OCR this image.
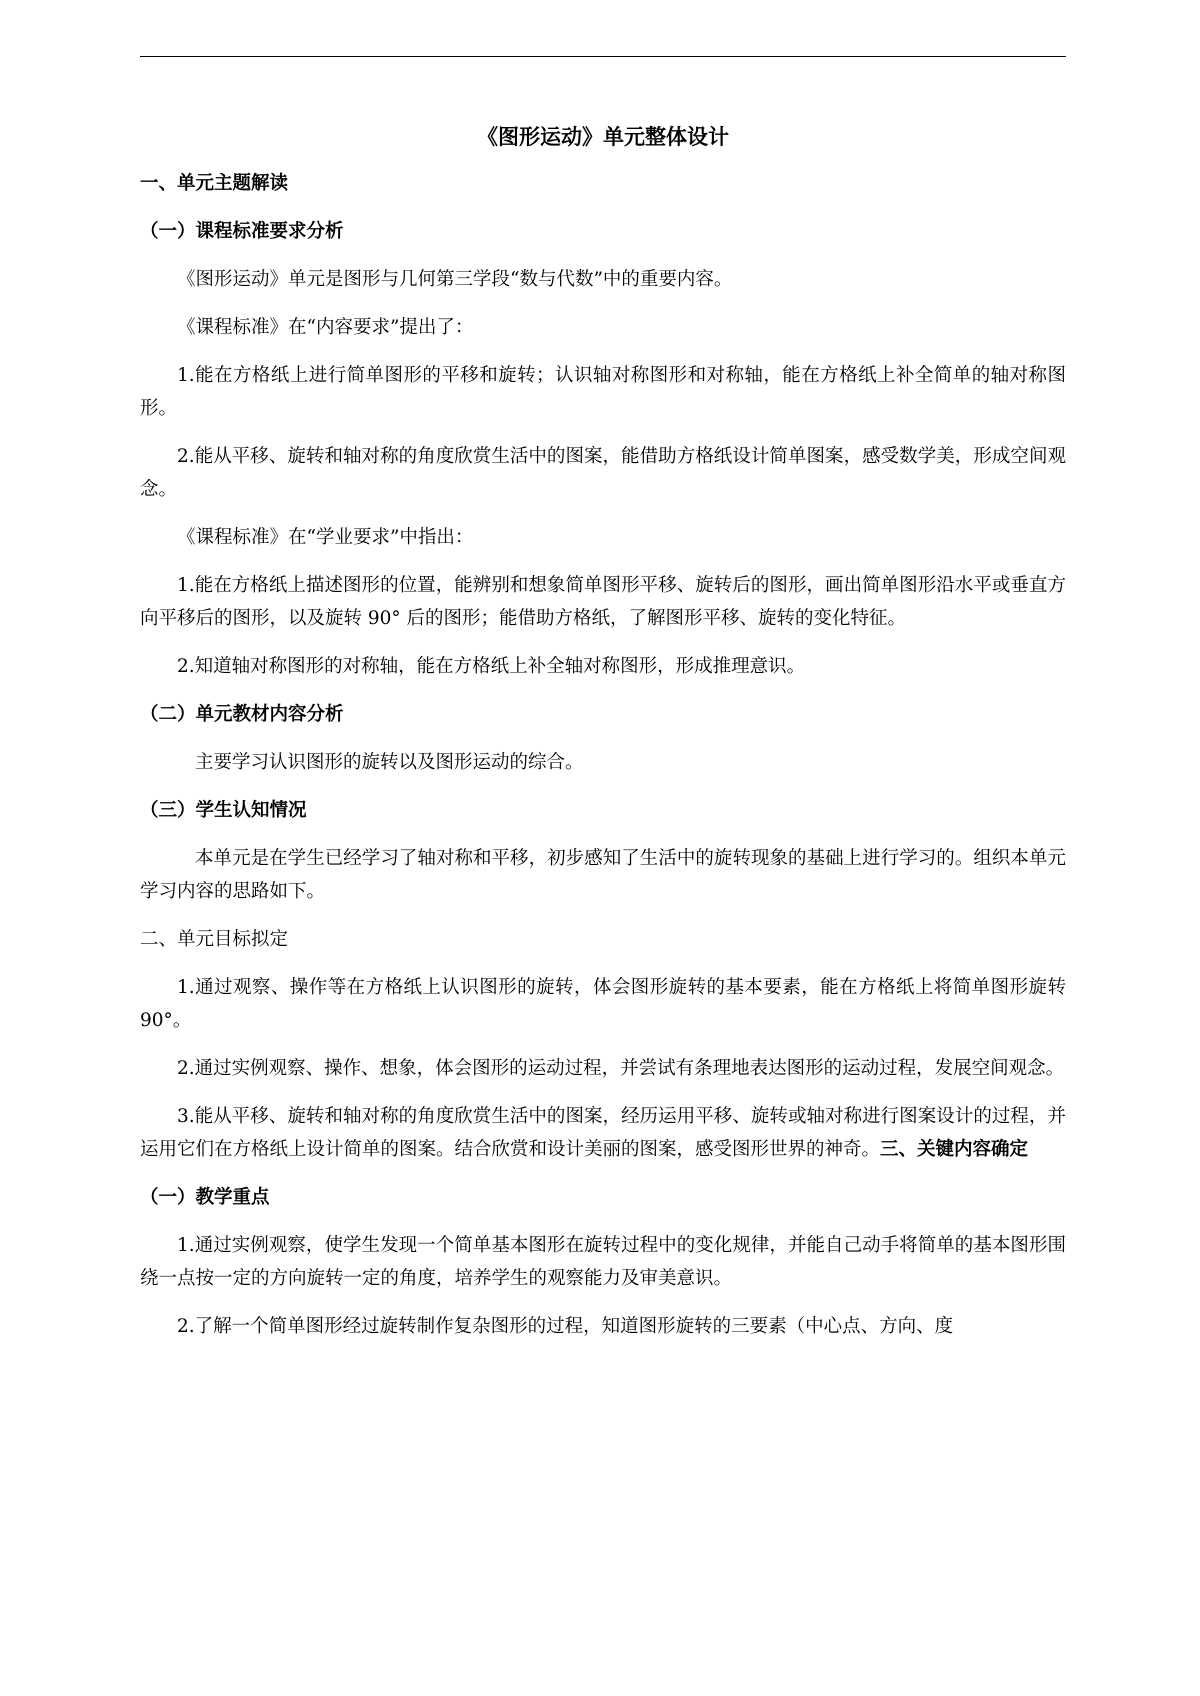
《图形运动》单元整体设计

一、单元主题解读

（一）课程标准要求分析

《图形运动》单元是图形与几何第三学段“数与代数”中的重要内容。

《课程标准》在“内容要求”提出了：

1.能在方格纸上进行简单图形的平移和旋转；认识轴对称图形和对称轴，能在方格纸上补全简单的轴对称图形。

2.能从平移、旋转和轴对称的角度欣赏生活中的图案，能借助方格纸设计简单图案，感受数学美，形成空间观念。

《课程标准》在“学业要求”中指出：

1.能在方格纸上描述图形的位置，能辨别和想象简单图形平移、旋转后的图形，画出简单图形沿水平或垂直方向平移后的图形，以及旋转 90° 后的图形；能借助方格纸，了解图形平移、旋转的变化特征。

2.知道轴对称图形的对称轴，能在方格纸上补全轴对称图形，形成推理意识。

（二）单元教材内容分析

主要学习认识图形的旋转以及图形运动的综合。

（三）学生认知情况

本单元是在学生已经学习了轴对称和平移，初步感知了生活中的旋转现象的基础上进行学习的。组织本单元学习内容的思路如下。

二、单元目标拟定

1.通过观察、操作等在方格纸上认识图形的旋转，体会图形旋转的基本要素，能在方格纸上将简单图形旋转 90°。

2.通过实例观察、操作、想象，体会图形的运动过程，并尝试有条理地表达图形的运动过程，发展空间观念。

3.能从平移、旋转和轴对称的角度欣赏生活中的图案，经历运用平移、旋转或轴对称进行图案设计的过程，并运用它们在方格纸上设计简单的图案。结合欣赏和设计美丽的图案，感受图形世界的神奇。三、关键内容确定

（一）教学重点

1.通过实例观察，使学生发现一个简单基本图形在旋转过程中的变化规律，并能自己动手将简单的基本图形围绕一点按一定的方向旋转一定的角度，培养学生的观察能力及审美意识。

2.了解一个简单图形经过旋转制作复杂图形的过程，知道图形旋转的三要素（中心点、方向、度
